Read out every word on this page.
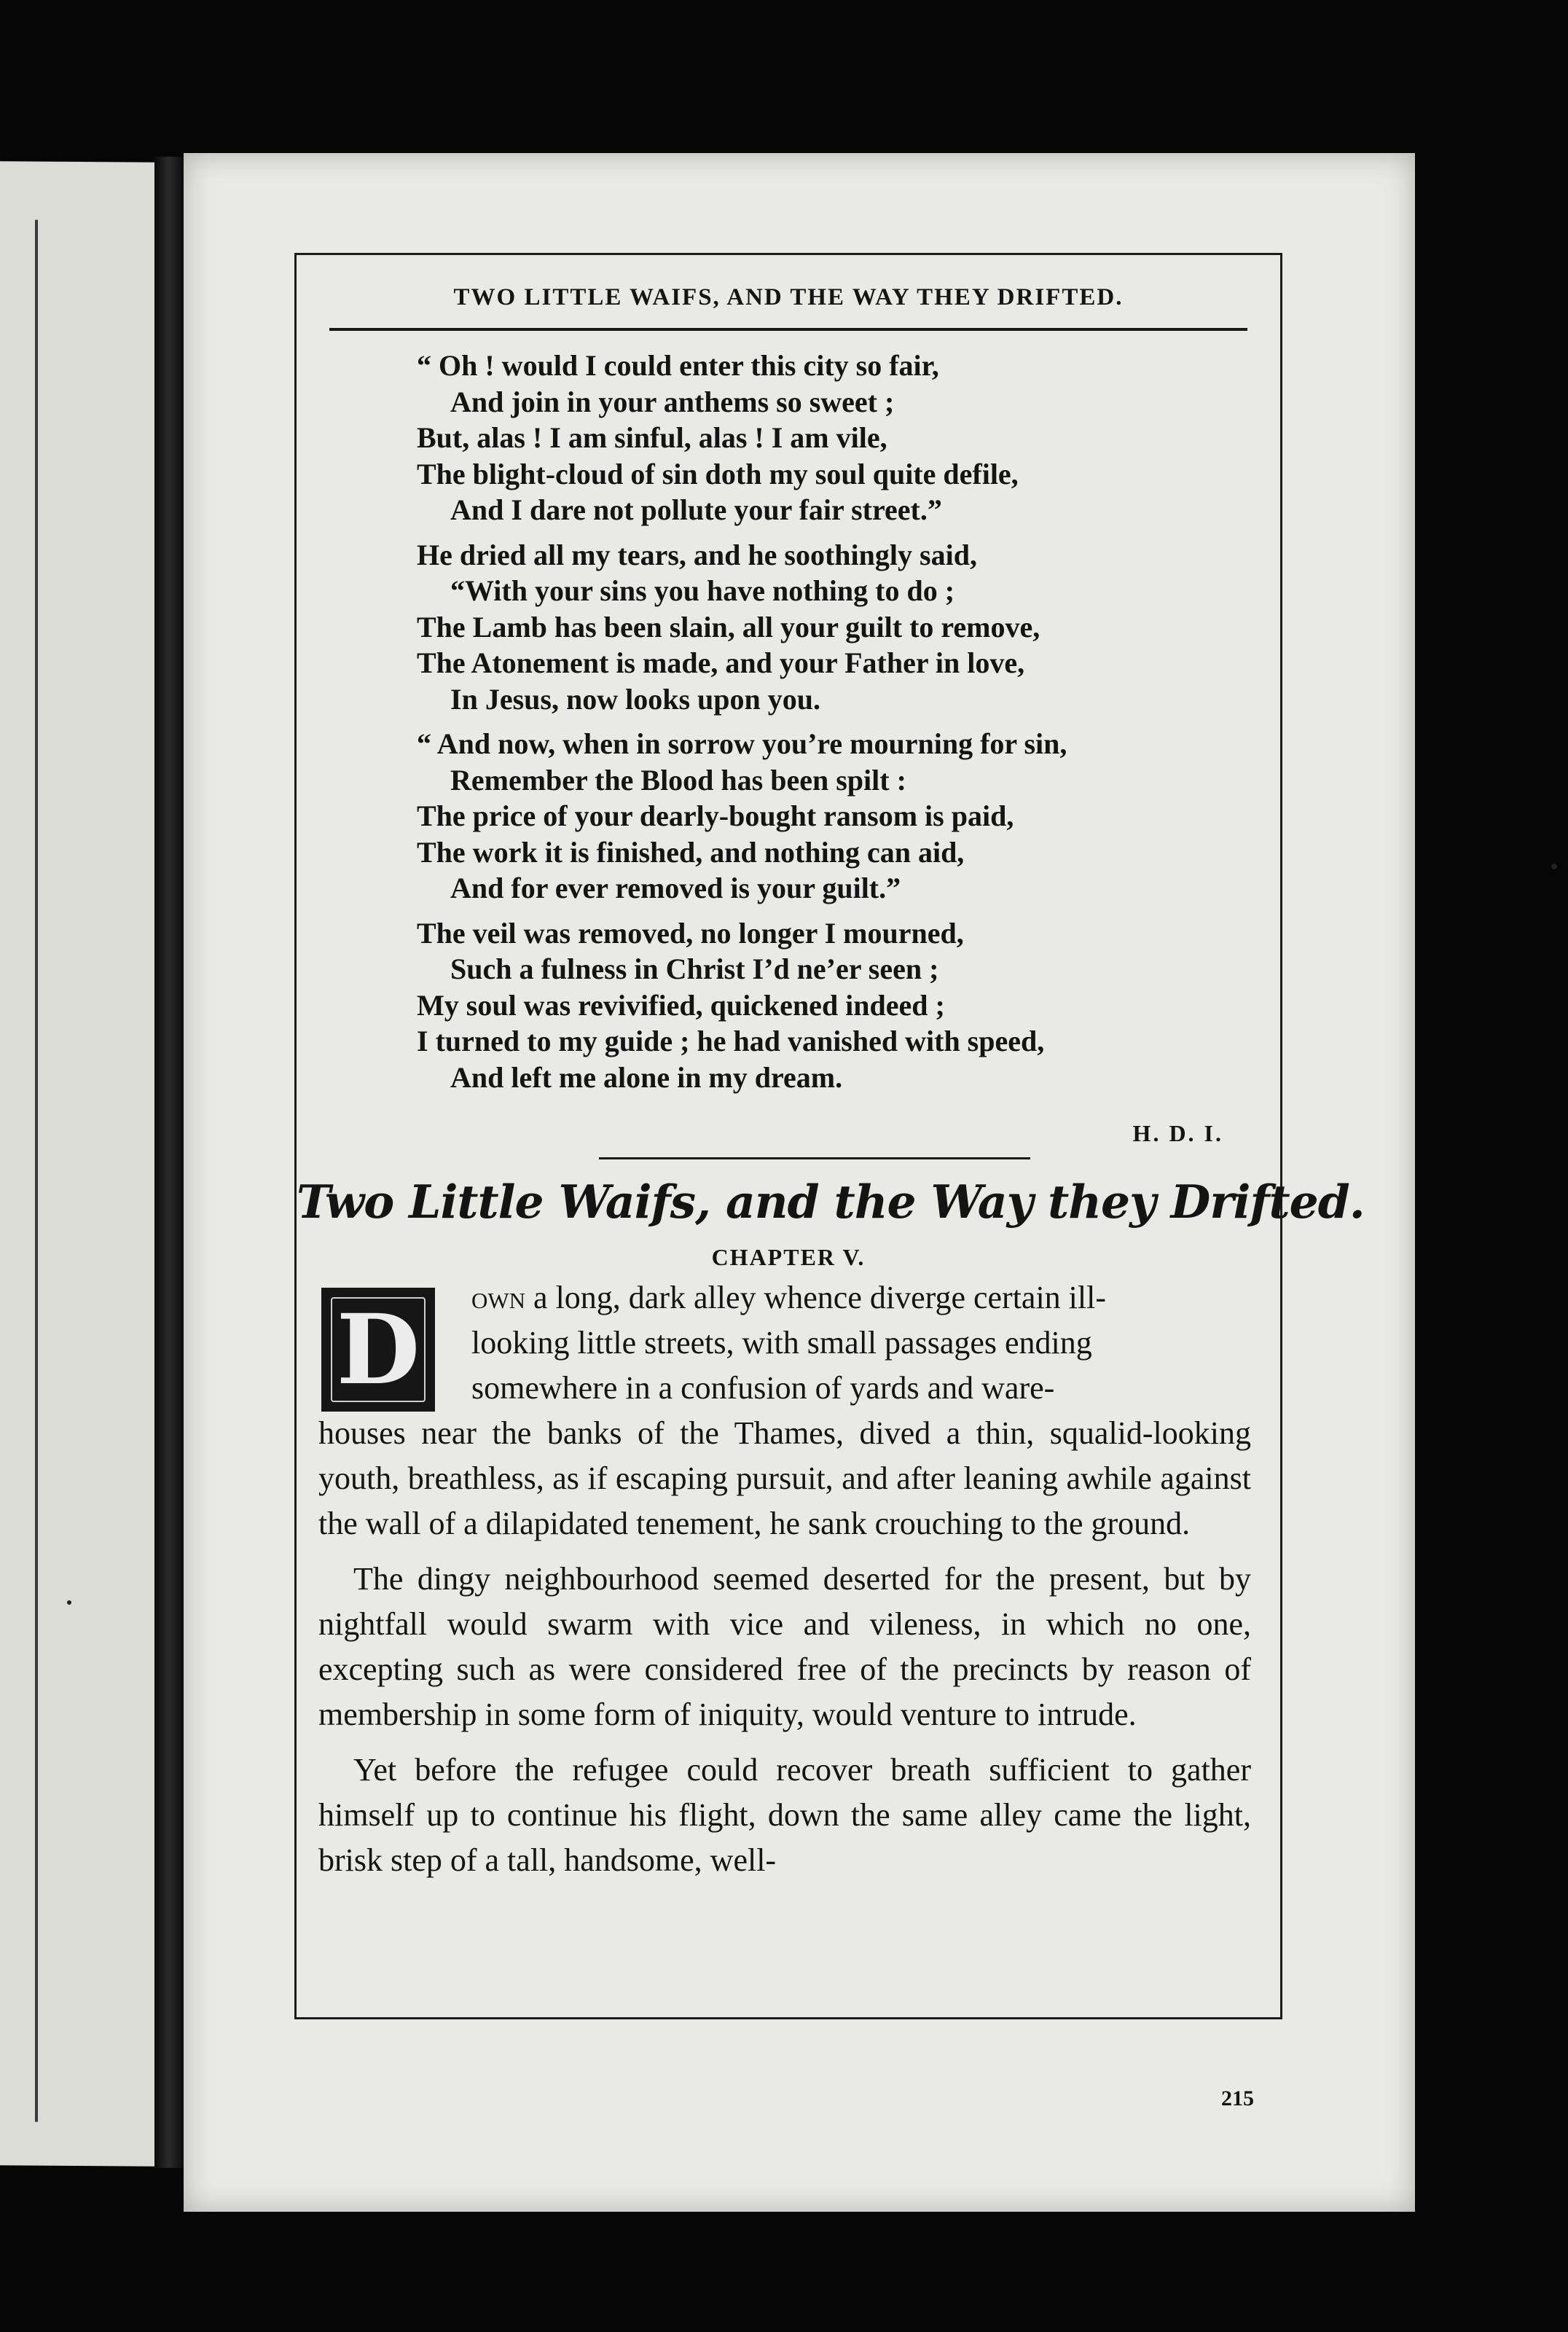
TWO LITTLE WAIFS, AND THE WAY THEY DRIFTED.
“ Oh ! would I could enter this city so fair,
And join in your anthems so sweet ;
But, alas ! I am sinful, alas ! I am vile,
The blight-cloud of sin doth my soul quite defile,
And I dare not pollute your fair street.”
He dried all my tears, and he soothingly said,
“With your sins you have nothing to do ;
The Lamb has been slain, all your guilt to remove,
The Atonement is made, and your Father in love,
In Jesus, now looks upon you.
“ And now, when in sorrow you’re mourning for sin,
Remember the Blood has been spilt :
The price of your dearly-bought ransom is paid,
The work it is finished, and nothing can aid,
And for ever removed is your guilt.”
The veil was removed, no longer I mourned,
Such a fulness in Christ I’d ne’er seen ;
My soul was revivified, quickened indeed ;
I turned to my guide ; he had vanished with speed,
And left me alone in my dream.
H. D. I.
Two Little Waifs, and the Way they Drifted.
CHAPTER V.
D	own a long, dark alley whence diverge certain ill-
looking little streets, with small passages ending
somewhere in a confusion of yards and ware-
houses near the banks of the Thames, dived a thin, squalid-looking youth, breathless, as if escaping pursuit, and after leaning awhile against the wall of a dilapidated tenement, he sank crouching to the ground.
The dingy neighbourhood seemed deserted for the present, but by nightfall would swarm with vice and vileness, in which no one, excepting such as were considered free of the precincts by reason of membership in some form of iniquity, would venture to intrude.
Yet before the refugee could recover breath sufficient to gather himself up to continue his flight, down the same alley came the light, brisk step of a tall, handsome, well-
215
